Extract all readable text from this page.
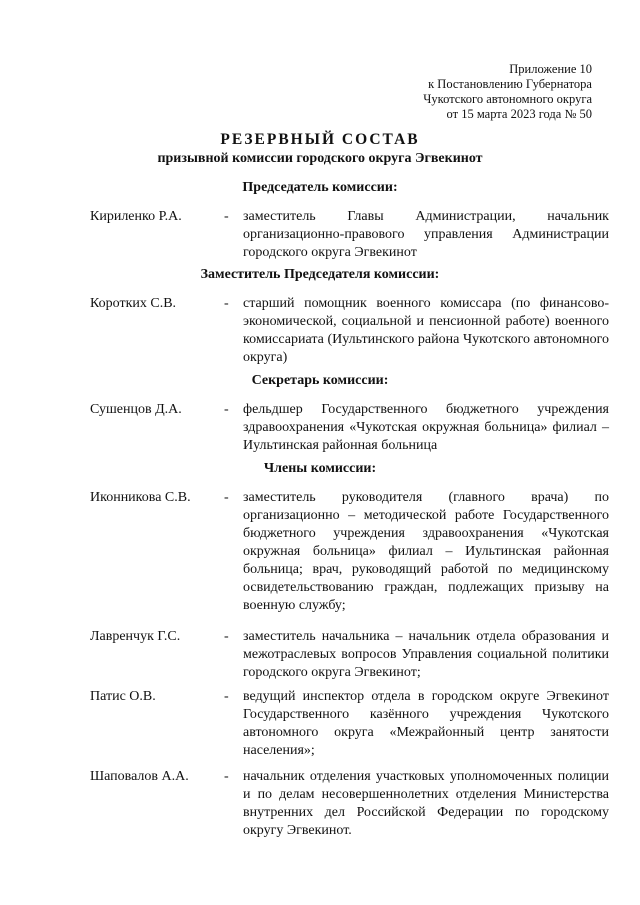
Приложение 10
к Постановлению Губернатора
Чукотского автономного округа
от 15 марта 2023 года № 50
РЕЗЕРВНЫЙ СОСТАВ
призывной комиссии городского округа Эгвекинот
Председатель комиссии:
Кириленко Р.А.	- заместитель Главы Администрации, начальник организационно-правового управления Администрации городского округа Эгвекинот
Заместитель Председателя комиссии:
Коротких С.В.	- старший помощник военного комиссара (по финансово-экономической, социальной и пенсионной работе) военного комиссариата (Иультинского района Чукотского автономного округа)
Секретарь комиссии:
Сушенцов Д.А.	- фельдшер Государственного бюджетного учреждения здравоохранения «Чукотская окружная больница» филиал – Иультинская районная больница
Члены комиссии:
Иконникова С.В. - заместитель руководителя (главного врача) по организационно – методической работе Государственного бюджетного учреждения здравоохранения «Чукотская окружная больница» филиал – Иультинская районная больница; врач, руководящий работой по медицинскому освидетельствованию граждан, подлежащих призыву на военную службу;
Лавренчук Г.С.	- заместитель начальника – начальник отдела образования и межотраслевых вопросов Управления социальной политики городского округа Эгвекинот;
Патис О.В.	- ведущий инспектор отдела в городском округе Эгвекинот Государственного казённого учреждения Чукотского автономного округа «Межрайонный центр занятости населения»;
Шаповалов А.А.	- начальник отделения участковых уполномоченных полиции и по делам несовершеннолетних отделения Министерства внутренних дел Российской Федерации по городскому округу Эгвекинот.
